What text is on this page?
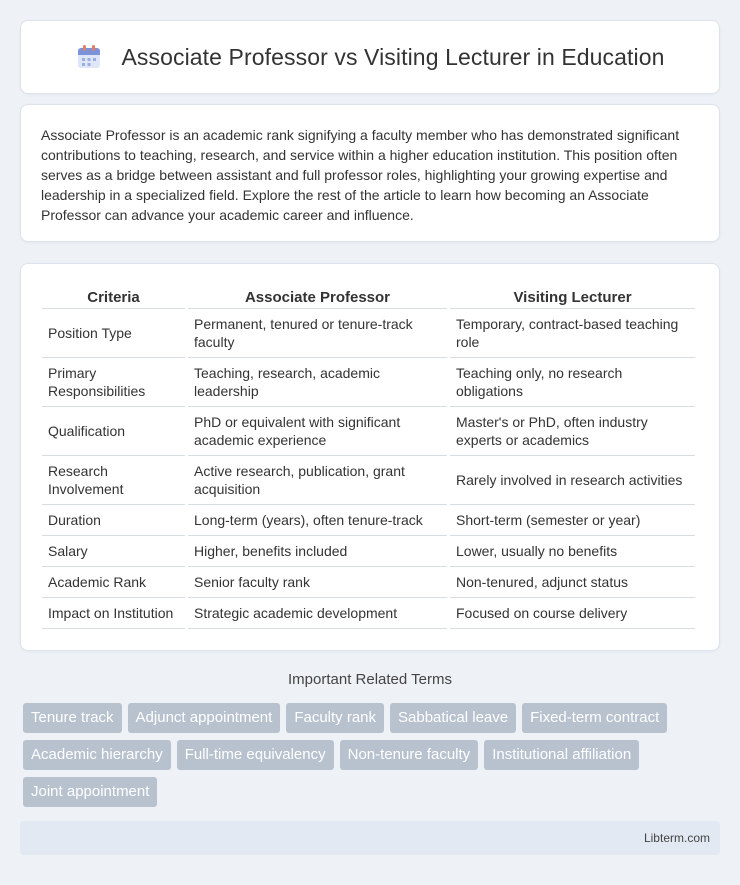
Associate Professor vs Visiting Lecturer in Education

Associate Professor is an academic rank signifying a faculty member who has demonstrated significant contributions to teaching, research, and service within a higher education institution. This position often serves as a bridge between assistant and full professor roles, highlighting your growing expertise and leadership in a specialized field. Explore the rest of the article to learn how becoming an Associate Professor can advance your academic career and influence.

Criteria	Associate Professor	Visiting Lecturer
Position Type	Permanent, tenured or tenure-track faculty	Temporary, contract-based teaching role
Primary Responsibilities	Teaching, research, academic leadership	Teaching only, no research obligations
Qualification	PhD or equivalent with significant academic experience	Master's or PhD, often industry experts or academics
Research Involvement	Active research, publication, grant acquisition	Rarely involved in research activities
Duration	Long-term (years), often tenure-track	Short-term (semester or year)
Salary	Higher, benefits included	Lower, usually no benefits
Academic Rank	Senior faculty rank	Non-tenured, adjunct status
Impact on Institution	Strategic academic development	Focused on course delivery
Important Related Terms
Tenure track	Adjunct appointment	Faculty rank	Sabbatical leave	Fixed-term contract
Academic hierarchy	Full-time equivalency	Non-tenure faculty	Institutional affiliation
Joint appointment
Libterm.com
